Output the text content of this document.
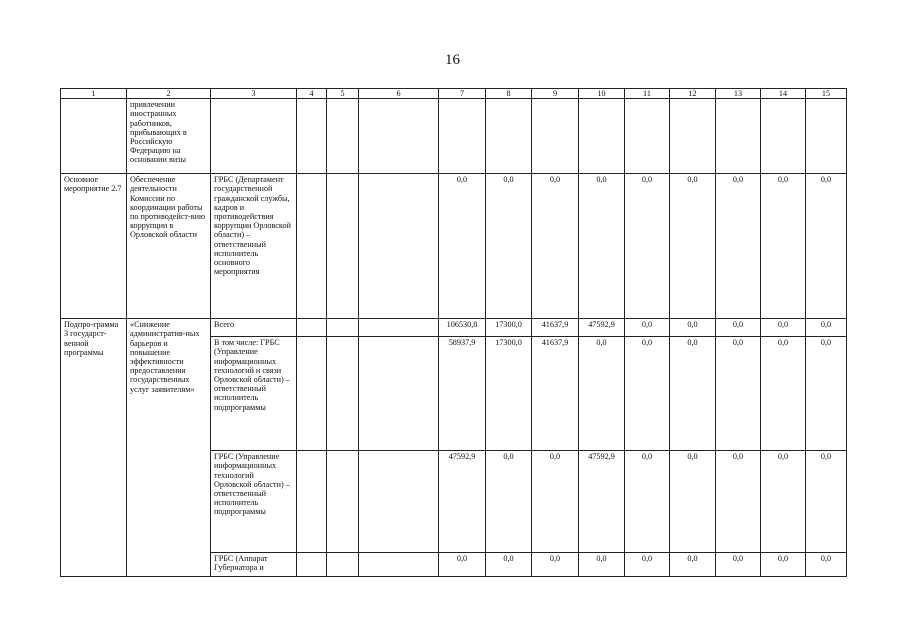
16
1	2	3	4	5	6	7	8	9	10	11	12	13	14	15
	привлечении иностранных работников, прибывающих в Российскую Федерацию на основании визы													
Основное мероприятие 2.7	Обеспечение деятельности Комиссии по координации работы по противодейст-вию коррупции в Орловской области	ГРБС (Департамент государственной гражданской службы, кадров и противодействия коррупции Орловской области) – ответственный исполнитель основного мероприятия				0,0	0,0	0,0	0,0	0,0	0,0	0,0	0,0	0,0
Подпро-грамма 3 государст-венной программы	«Снижение административ-ных барьеров и повышение эффективности предоставления государственных услуг заявителям»	Всего				106530,8	17300,0	41637,9	47592,9	0,0	0,0	0,0	0,0	0,0
		В том числе: ГРБС (Управление информационных технологий и связи Орловской области) – ответственный исполнитель подпрограммы				58937,9	17300,0	41637,9	0,0	0,0	0,0	0,0	0,0	0,0
		ГРБС (Управление информационных технологий Орловской области) – ответственный исполнитель подпрограммы				47592,9	0,0	0,0	47592,9	0,0	0,0	0,0	0,0	0,0
		ГРБС (Аппарат Губернатора и				0,0	0,0	0,0	0,0	0,0	0,0	0,0	0,0	0,0
